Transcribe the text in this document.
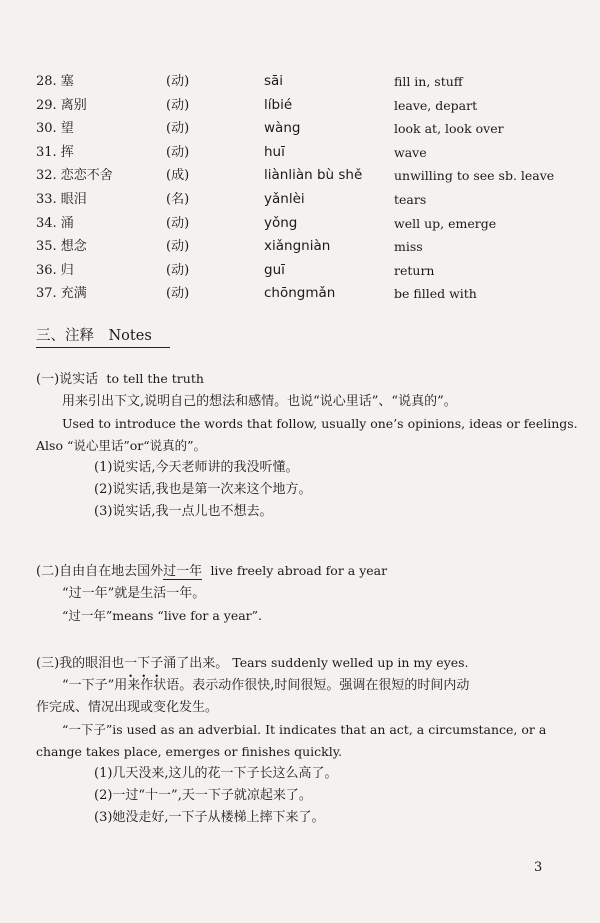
28. 塞	(动)	sāi	fill in, stuff
29. 离别	(动)	líbié	leave, depart
30. 望	(动)	wàng	look at, look over
31. 挥	(动)	huī	wave
32. 恋恋不舍	(成)	liànliàn bù shě	unwilling to see sb. leave
33. 眼泪	(名)	yǎnlèi	tears
34. 涌	(动)	yǒng	well up, emerge
35. 想念	(动)	xiǎngniàn	miss
36. 归	(动)	guī	return
37. 充满	(动)	chōngmǎn	be filled with
三、注释　Notes
(一)说实话 to tell the truth
用来引出下文,说明自己的想法和感情。也说“说心里话”、“说真的”。
Used to introduce the words that follow, usually one’s opinions, ideas or feelings.
Also “说心里话”or“说真的”。
(1)说实话,今天老师讲的我没听懂。
(2)说实话,我也是第一次来这个地方。
(3)说实话,我一点儿也不想去。
(二)自由自在地去国外过一年 live freely abroad for a year
“过一年”就是生活一年。
“过一年”means “live for a year”.
(三)我的眼泪也一下子涌了出来。 Tears suddenly welled up in my eyes.
“一下子”用来作状语。表示动作很快,时间很短。强调在很短的时间内动
作完成、情况出现或变化发生。
“一下子”is used as an adverbial. It indicates that an act, a circumstance, or a
change takes place, emerges or finishes quickly.
(1)几天没来,这儿的花一下子长这么高了。
(2)一过“十一”,天一下子就凉起来了。
(3)她没走好,一下子从楼梯上摔下来了。
3
